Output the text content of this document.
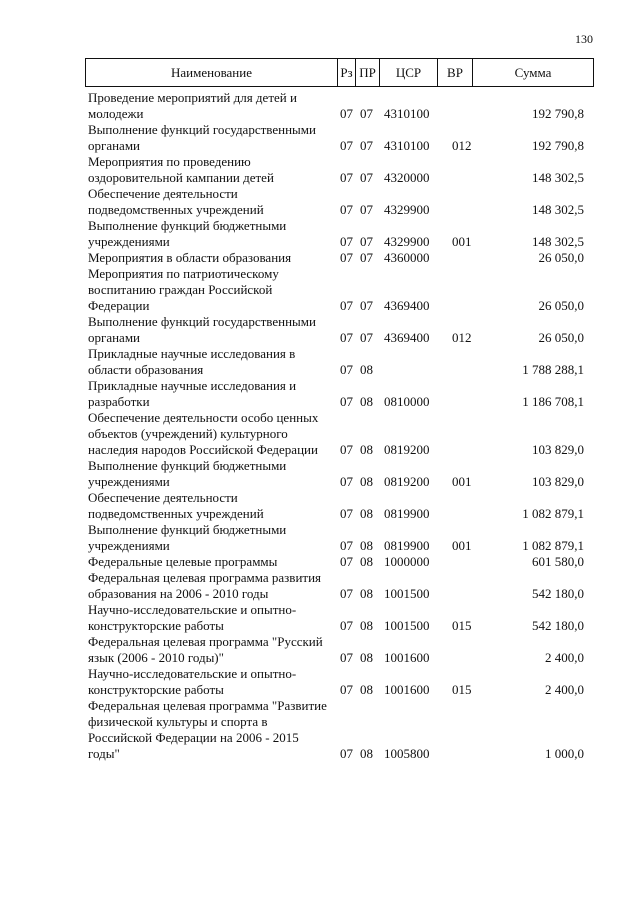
130
Наименование	Рз ПР	ЦСР	ВР	Сумма
Проведение мероприятий для детей и молодежи	07 07 4310100	192 790,8
Выполнение функций государственными органами	07 07 4310100 012	192 790,8
Мероприятия по проведению оздоровительной кампании детей	07 07 4320000	148 302,5
Обеспечение деятельности подведомственных учреждений	07 07 4329900	148 302,5
Выполнение функций бюджетными учреждениями	07 07 4329900 001	148 302,5
Мероприятия в области образования	07 07 4360000	26 050,0
Мероприятия по патриотическому воспитанию граждан Российской Федерации	07 07 4369400	26 050,0
Выполнение функций государственными органами	07 07 4369400 012	26 050,0
Прикладные научные исследования в области образования	07 08	1 788 288,1
Прикладные научные исследования и разработки	07 08 0810000	1 186 708,1
Обеспечение деятельности особо ценных объектов (учреждений) культурного наследия народов Российской Федерации	07 08 0819200	103 829,0
Выполнение функций бюджетными учреждениями	07 08 0819200 001	103 829,0
Обеспечение деятельности подведомственных учреждений	07 08 0819900	1 082 879,1
Выполнение функций бюджетными учреждениями	07 08 0819900 001	1 082 879,1
Федеральные целевые программы	07 08 1000000	601 580,0
Федеральная целевая программа развития образования на 2006 - 2010 годы	07 08 1001500	542 180,0
Научно-исследовательские и опытно-конструкторские работы	07 08 1001500 015	542 180,0
Федеральная целевая программа "Русский язык (2006 - 2010 годы)"	07 08 1001600	2 400,0
Научно-исследовательские и опытно-конструкторские работы	07 08 1001600 015	2 400,0
Федеральная целевая программа "Развитие физической культуры и спорта в Российской Федерации на 2006 - 2015 годы"	07 08 1005800	1 000,0
